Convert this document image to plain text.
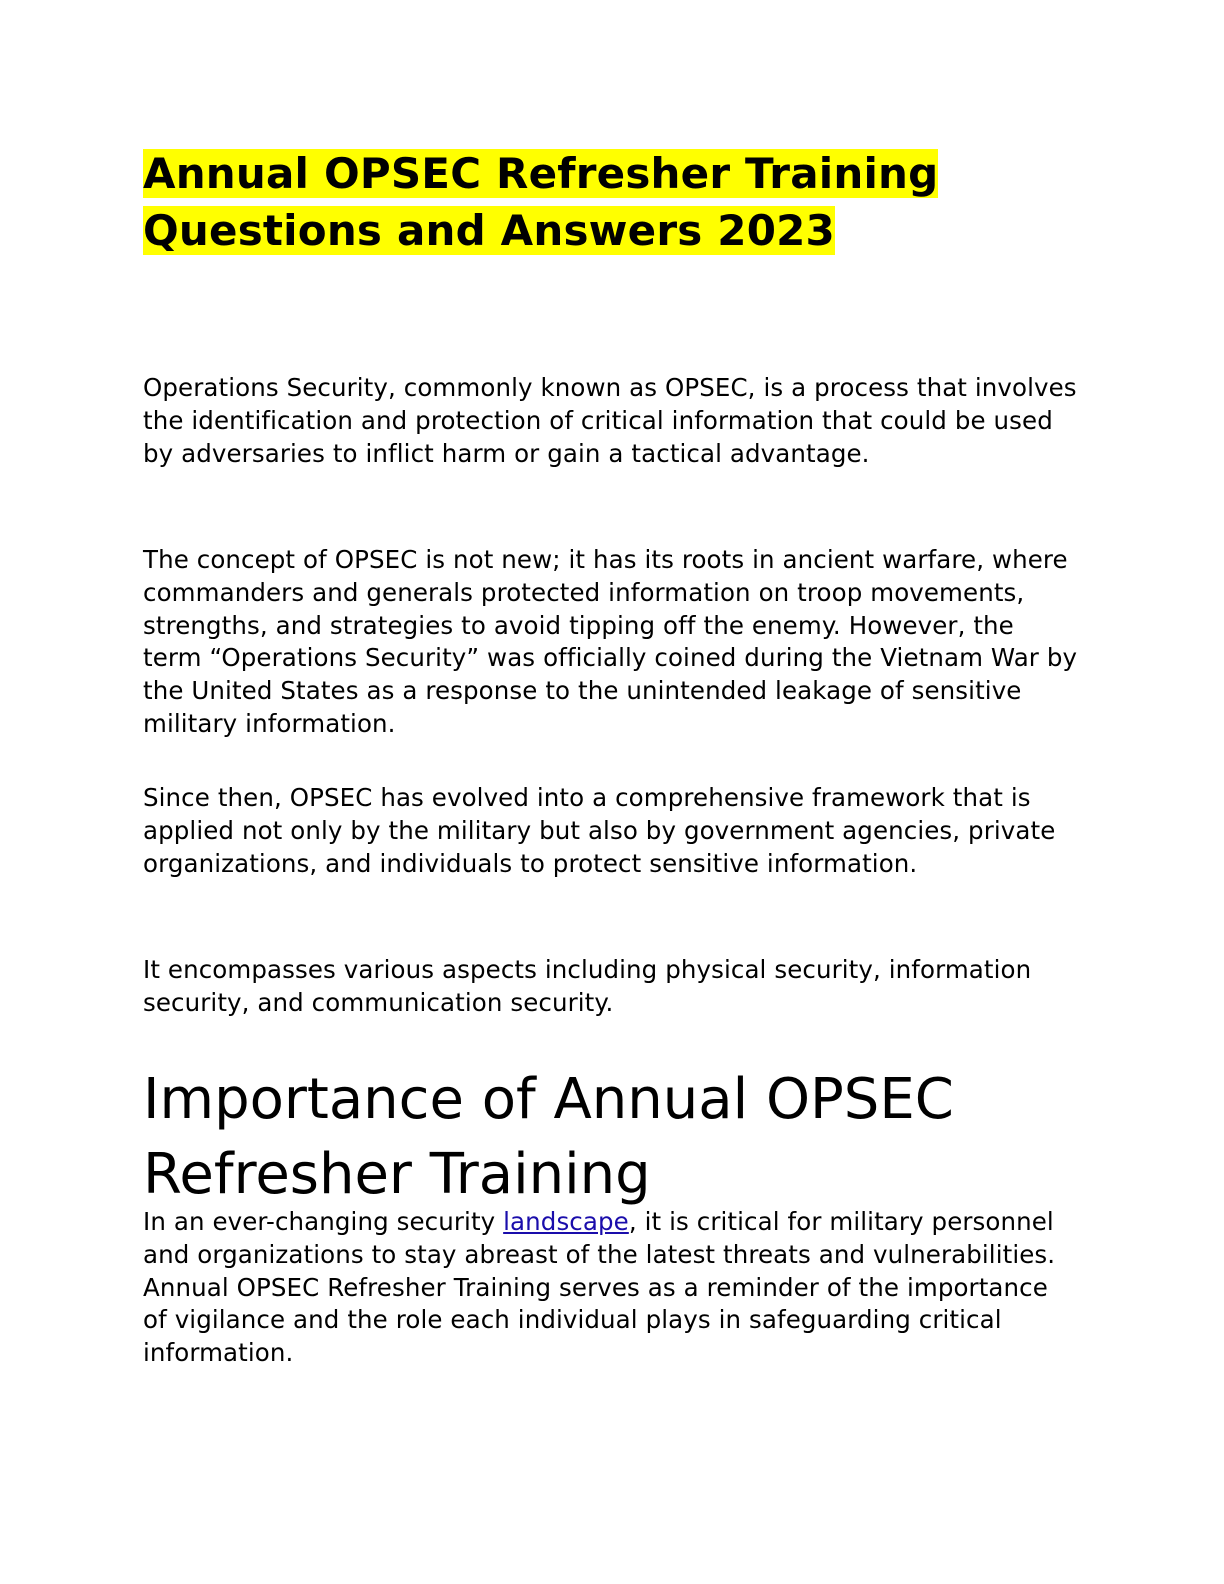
Annual OPSEC Refresher Training
Questions and Answers 2023

Operations Security, commonly known as OPSEC, is a process that involves the identification and protection of critical information that could be used by adversaries to inflict harm or gain a tactical advantage.

The concept of OPSEC is not new; it has its roots in ancient warfare, where commanders and generals protected information on troop movements, strengths, and strategies to avoid tipping off the enemy. However, the term “Operations Security” was officially coined during the Vietnam War by the United States as a response to the unintended leakage of sensitive military information.

Since then, OPSEC has evolved into a comprehensive framework that is applied not only by the military but also by government agencies, private organizations, and individuals to protect sensitive information.

It encompasses various aspects including physical security, information security, and communication security.

Importance of Annual OPSEC Refresher Training

In an ever-changing security landscape, it is critical for military personnel and organizations to stay abreast of the latest threats and vulnerabilities. Annual OPSEC Refresher Training serves as a reminder of the importance of vigilance and the role each individual plays in safeguarding critical information.
